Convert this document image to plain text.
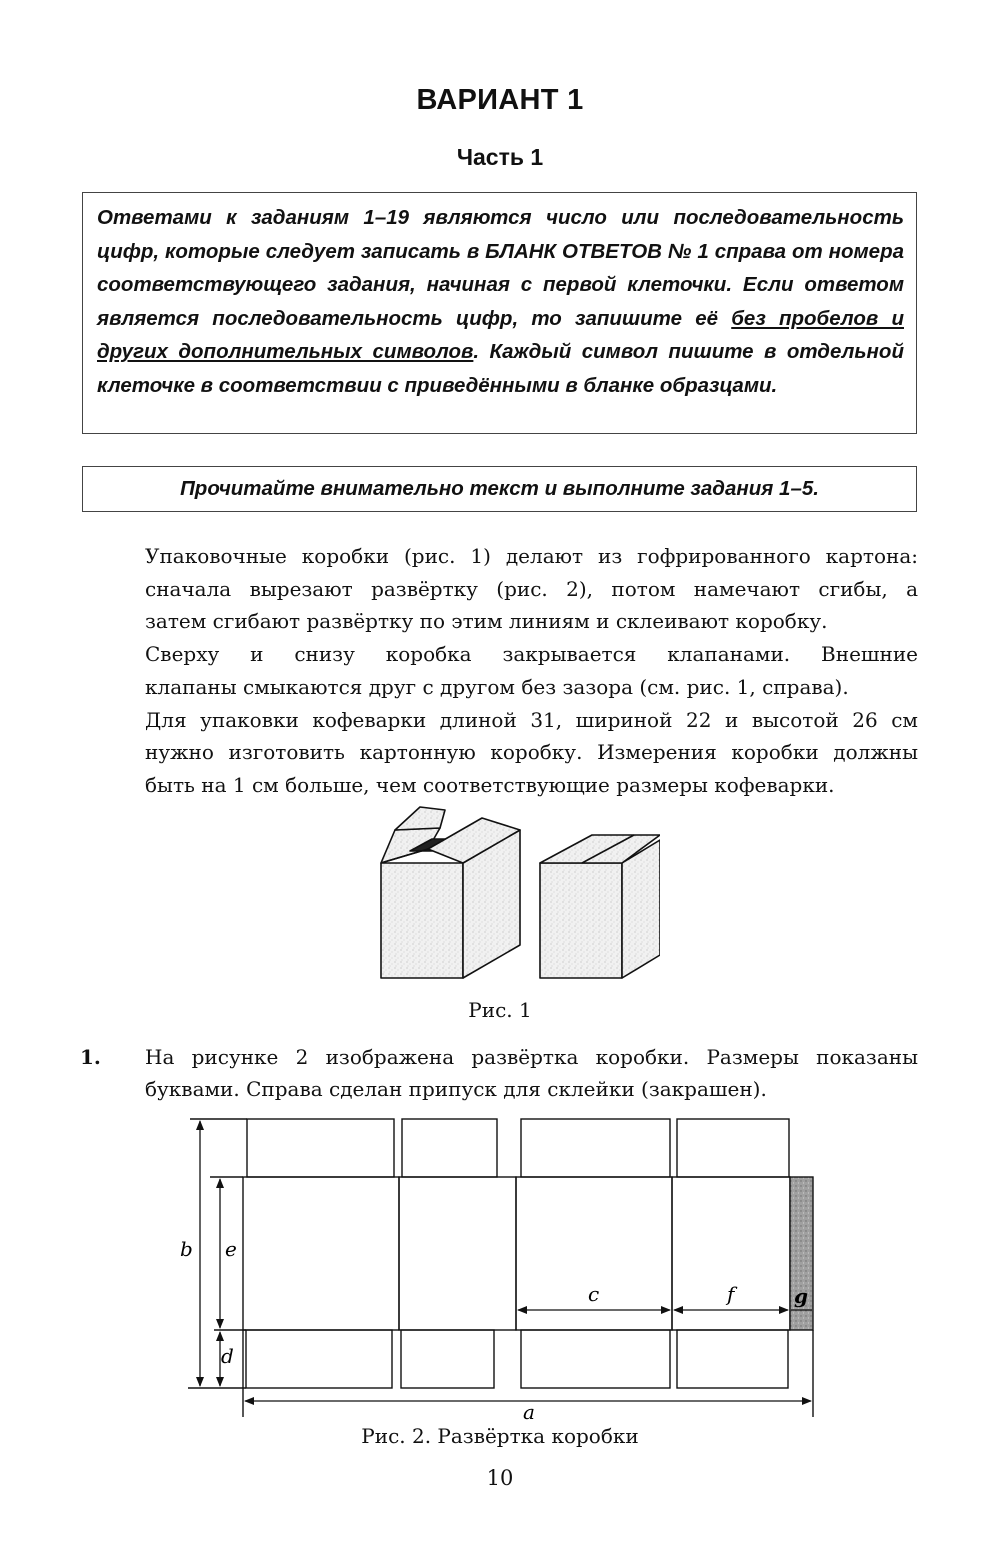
ВАРИАНТ 1
Часть 1

Ответами к заданиям 1–19 являются число или последовательность цифр, которые следует записать в БЛАНК ОТВЕТОВ № 1 справа от номера соответствующего задания, начиная с первой клеточки. Если ответом является последовательность цифр, то запишите её без пробелов и других дополнительных символов. Каждый символ пишите в отдельной клеточке в соответствии с приведёнными в бланке образцами.

Прочитайте внимательно текст и выполните задания 1–5.
Упаковочные коробки (рис. 1) делают из гофрированного картона:
сначала вырезают развёртку (рис. 2), потом намечают сгибы, а
затем сгибают развёртку по этим линиям и склеивают коробку.
Сверху и снизу коробка закрывается клапанами. Внешние
клапаны смыкаются друг с другом без зазора (см. рис. 1, справа).
Для упаковки кофеварки длиной 31, шириной 22 и высотой 26 см
нужно изготовить картонную коробку. Измерения коробки должны
быть на 1 см больше, чем соответствующие размеры кофеварки.
Рис. 1
1. На рисунке 2 изображена развёртка коробки. Размеры показаны
буквами. Справа сделан припуск для склейки (закрашен).
b e
d
c	f	g
a
Рис. 2. Развёртка коробки
10
